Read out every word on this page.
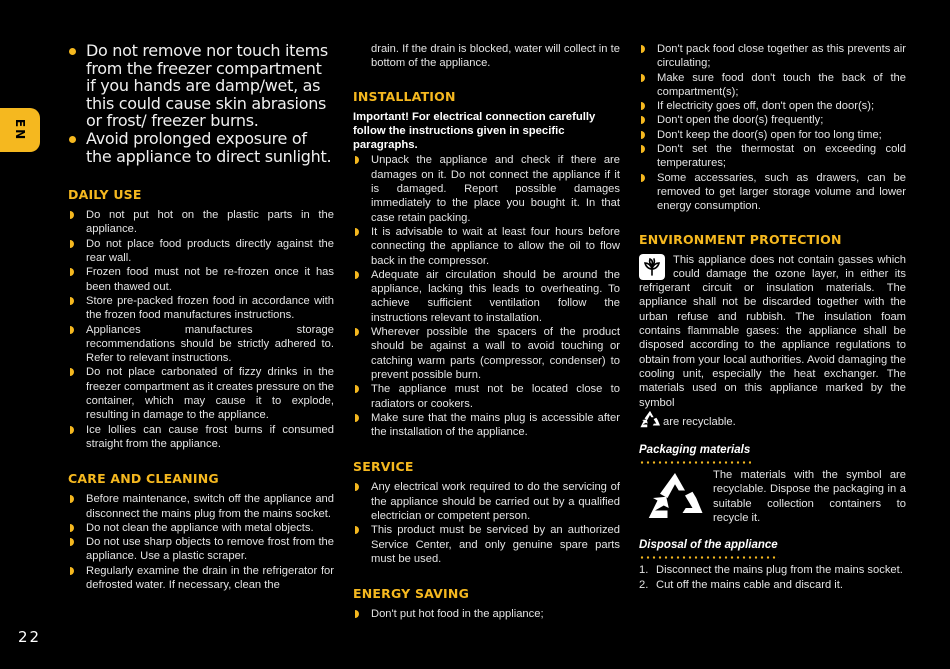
EN
22
Do not remove nor touch items from the freezer compartment if you hands are damp/wet, as this could cause skin abrasions or frost/ freezer burns.
Avoid prolonged exposure of the appliance to direct sunlight.
DAILY USE
Do not put hot on the plastic parts in the appliance.
Do not place food products directly against the rear wall.
Frozen food must not be re-frozen once it has been thawed out.
Store pre-packed frozen food in accordance with the frozen food manufactures instructions.
Appliances manufactures storage recommendations should be strictly adhered to. Refer to relevant instructions.
Do not place carbonated of fizzy drinks in the freezer compartment as it creates pressure on the container, which may cause it to explode, resulting in damage to the appliance.
Ice lollies can cause frost burns if consumed straight from the appliance.
CARE AND CLEANING
Before maintenance, switch off the appliance and disconnect the mains plug from the mains socket.
Do not clean the appliance with metal objects.
Do not use sharp objects to remove frost from the appliance. Use a plastic scraper.
Regularly examine the drain in the refrigerator for defrosted water. If necessary, clean the

drain. If the drain is blocked, water will collect in te bottom of the appliance.

INSTALLATION

Important! For electrical connection carefully follow the instructions given in specific paragraphs.

Unpack the appliance and check if there are damages on it. Do not connect the appliance if it is damaged. Report possible damages immediately to the place you bought it. In that case retain packing.
It is advisable to wait at least four hours before connecting the appliance to allow the oil to flow back in the compressor.
Adequate air circulation should be around the appliance, lacking this leads to overheating. To achieve sufficient ventilation follow the instructions relevant to installation.
Wherever possible the spacers of the product should be against a wall to avoid touching or catching warm parts (compressor, condenser) to prevent possible burn.
The appliance must not be located close to radiators or cookers.
Make sure that the mains plug is accessible after the installation of the appliance.
SERVICE
Any electrical work required to do the servicing of the appliance should be carried out by a qualified electrician or competent person.
This product must be serviced by an authorized Service Center, and only genuine spare parts must be used.
ENERGY SAVING
Don't put hot food in the appliance;
Don't pack food close together as this prevents air circulating;
Make sure food don't touch the back of the compartment(s);
If electricity goes off, don't open the door(s);
Don't open the door(s) frequently;
Don't keep the door(s) open for too long time;
Don't set the thermostat on exceeding cold temperatures;
Some accessaries, such as drawers, can be removed to get larger storage volume and lower energy consumption.
ENVIRONMENT PROTECTION

This appliance does not contain gasses which could damage the ozone layer, in either its refrigerant circuit or insulation materials. The appliance shall not be discarded together with the urban refuse and rubbish. The insulation foam contains flammable gases: the appliance shall be disposed according to the appliance regulations to obtain from your local authorities. Avoid damaging the cooling unit, especially the heat exchanger. The materials used on this appliance marked by the symbol
are recyclable.

Packaging materials

The materials with the symbol are recyclable. Dispose the packaging in a suitable collection containers to recycle it.

Disposal of the appliance
1. Disconnect the mains plug from the mains socket.
2. Cut off the mains cable and discard it.
